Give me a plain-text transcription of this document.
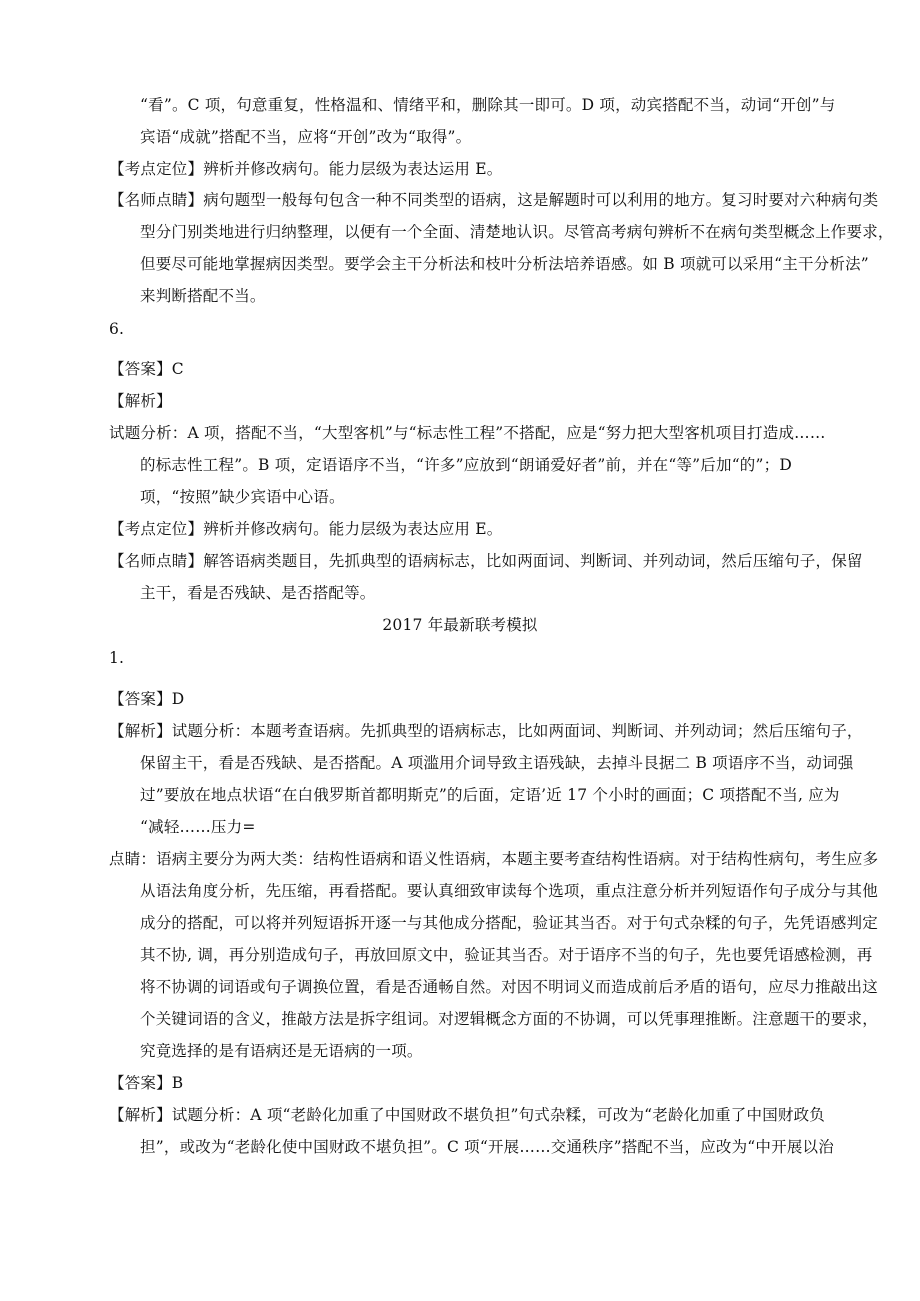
“看”。C 项，句意重复，性格温和、情绪平和，删除其一即可。D 项，动宾搭配不当，动词“开创”与
宾语“成就”搭配不当，应将“开创”改为“取得”。
【考点定位】辨析并修改病句。能力层级为表达运用 E。
【名师点睛】病句题型一般每句包含一种不同类型的语病，这是解题时可以利用的地方。复习时要对六种病句类
型分门别类地进行归纳整理，以便有一个全面、清楚地认识。尽管高考病句辨析不在病句类型概念上作要求，
但要尽可能地掌握病因类型。要学会主干分析法和枝叶分析法培养语感。如 B 项就可以采用“主干分析法”
来判断搭配不当。
6.
【答案】C
【解析】
试题分析：A 项，搭配不当，“大型客机”与“标志性工程”不搭配，应是“努力把大型客机项目打造成……
的标志性工程”。B 项，定语语序不当，“许多”应放到“朗诵爱好者”前，并在“等”后加“的”；D
项，“按照”缺少宾语中心语。
【考点定位】辨析并修改病句。能力层级为表达应用 E。
【名师点睛】解答语病类题目，先抓典型的语病标志，比如两面词、判断词、并列动词，然后压缩句子，保留
主干，看是否残缺、是否搭配等。
2017 年最新联考模拟
1.
【答案】D
【解析】试题分析：本题考查语病。先抓典型的语病标志，比如两面词、判断词、并列动词；然后压缩句子，
保留主干，看是否残缺、是否搭配。A 项滥用介词导致主语残缺，去掉斗艮据二 B 项语序不当，动词强
过”要放在地点状语“在白俄罗斯首都明斯克”的后面，定语’近 17 个小时的画面；C 项搭配不当, 应为
“减轻……压力=
点睛：语病主要分为两大类：结构性语病和语义性语病，本题主要考查结构性语病。对于结构性病句，考生应多
从语法角度分析，先压缩，再看搭配。要认真细致审读每个选项，重点注意分析并列短语作句子成分与其他
成分的搭配，可以将并列短语拆开逐一与其他成分搭配，验证其当否。对于句式杂糅的句子，先凭语感判定
其不协, 调，再分别造成句子，再放回原文中，验证其当否。对于语序不当的句子，先也要凭语感检测，再
将不协调的词语或句子调换位置，看是否通畅自然。对因不明词义而造成前后矛盾的语句，应尽力推敲出这
个关键词语的含义，推敲方法是拆字组词。对逻辑概念方面的不协调，可以凭事理推断。注意题干的要求，
究竟选择的是有语病还是无语病的一项。
【答案】B
【解析】试题分析：A 项“老龄化加重了中国财政不堪负担”句式杂糅，可改为“老龄化加重了中国财政负
担”，或改为“老龄化使中国财政不堪负担”。C 项“开展……交通秩序”搭配不当，应改为“中开展以治
